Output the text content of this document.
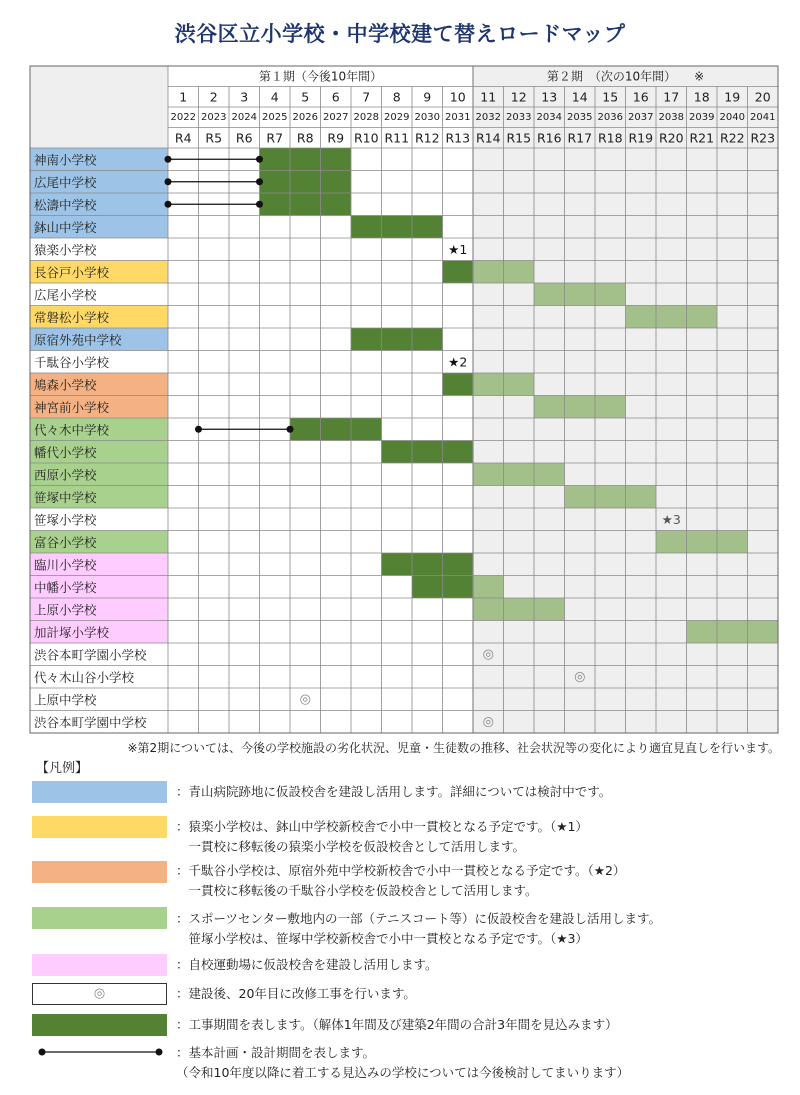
渋谷区立小学校・中学校建て替えロードマップ
第１期（今後10年間）	第２期　（次の10年間）　　※
1
2022
R4
2
2023
R5
3
2024
R6
4
2025
R7
5
2026
R8
6
2027
R9
7
2028
R10
8
2029
R11
9
2030
R12
10
2031
R13
11
2032
R14
12
2033
R15
13
2034
R16
14
2035
R17
15
2036
R18
16
2037
R19
17
2038
R20
18
2039
R21
19
2040
R22
20
2041
R23
神南小学校
広尾中学校
松濤中学校
鉢山中学校
猿楽小学校
長谷戸小学校
広尾小学校
常磐松小学校
原宿外苑中学校
千駄谷小学校
鳩森小学校
神宮前小学校
代々木中学校
幡代小学校
西原小学校
笹塚中学校
笹塚小学校
富谷小学校
臨川小学校
中幡小学校
上原小学校
加計塚小学校
渋谷本町学園小学校
代々木山谷小学校
上原中学校
渋谷本町学園中学校
★1
★2
★3
◎
◎
◎
◎
※第2期については、今後の学校施設の劣化状況、児童・生徒数の推移、社会状況等の変化により適宜見直しを行います。
【凡例】
：青山病院跡地に仮設校舎を建設し活用します。詳細については検討中です。
：猿楽小学校は、鉢山中学校新校舎で小中一貫校となる予定です。（★1）
　一貫校に移転後の猿楽小学校を仮設校舎として活用します。
：千駄谷小学校は、原宿外苑中学校新校舎で小中一貫校となる予定です。（★2）
　一貫校に移転後の千駄谷小学校を仮設校舎として活用します。
：スポーツセンター敷地内の一部（テニスコート等）に仮設校舎を建設し活用します。
　笹塚小学校は、笹塚中学校新校舎で小中一貫校となる予定です。（★3）
：自校運動場に仮設校舎を建設し活用します。
◎	：建設後、20年目に改修工事を行います。
：工事期間を表します。（解体1年間及び建築2年間の合計3年間を見込みます）
：基本計画・設計期間を表します。
（令和10年度以降に着工する見込みの学校については今後検討してまいります）
